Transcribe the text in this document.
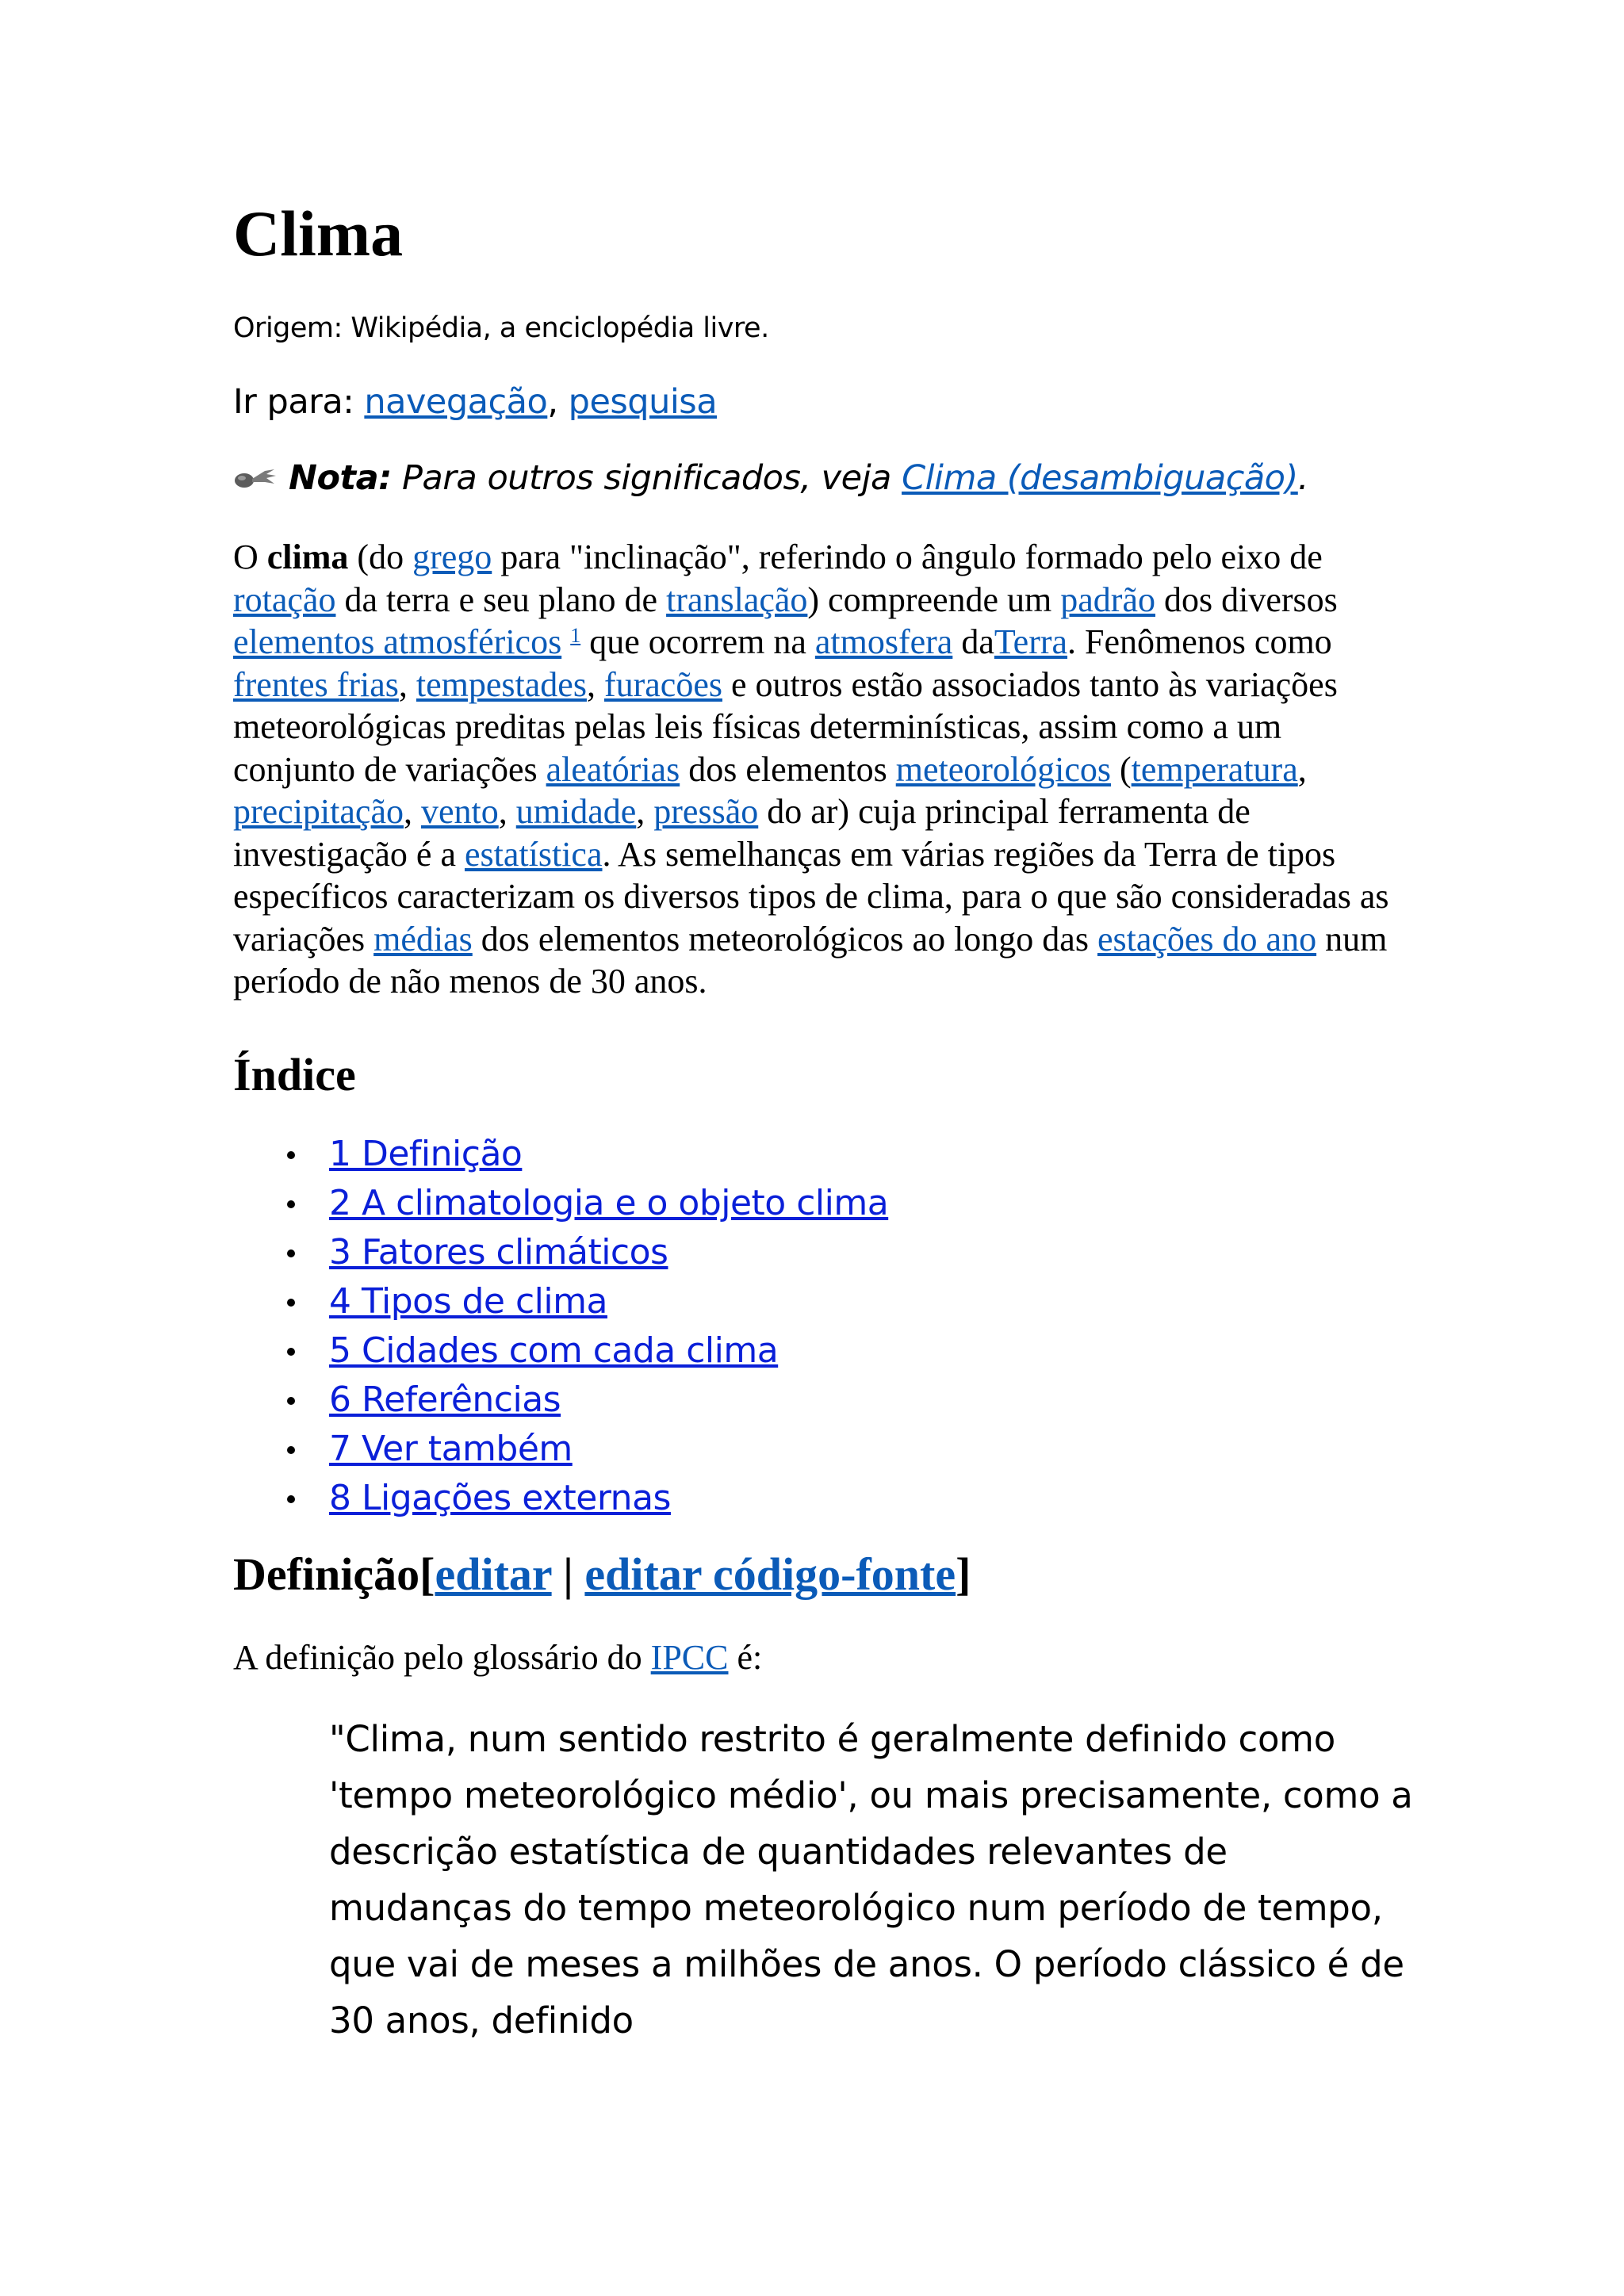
Clima
Origem: Wikipédia, a enciclopédia livre.
Ir para: navegação, pesquisa
Nota: Para outros significados, veja Clima (desambiguação).

O clima (do grego para "inclinação", referindo o ângulo formado pelo eixo de rotação da terra e seu plano de translação) compreende um padrão dos diversos elementos atmosféricos $^1$ que ocorrem na atmosfera daTerra. Fenômenos como frentes frias, tempestades, furacões e outros estão associados tanto às variações meteorológicas preditas pelas leis físicas determinísticas, assim como a um conjunto de variações aleatórias dos elementos meteorológicos (temperatura, precipitação, vento, umidade, pressão do ar) cuja principal ferramenta de investigação é a estatística. As semelhanças em várias regiões da Terra de tipos específicos caracterizam os diversos tipos de clima, para o que são consideradas as variações médias dos elementos meteorológicos ao longo das estações do ano num período de não menos de 30 anos.

Índice
1 Definição
2 A climatologia e o objeto clima
3 Fatores climáticos
4 Tipos de clima
5 Cidades com cada clima
6 Referências
7 Ver também
8 Ligações externas
Definição[editar | editar código-fonte]
A definição pelo glossário do IPCC é:
"Clima, num sentido restrito é geralmente definido como 'tempo meteorológico médio', ou mais precisamente, como a descrição estatística de quantidades relevantes de mudanças do tempo meteorológico num período de tempo, que vai de meses a milhões de anos. O período clássico é de 30 anos, definido
